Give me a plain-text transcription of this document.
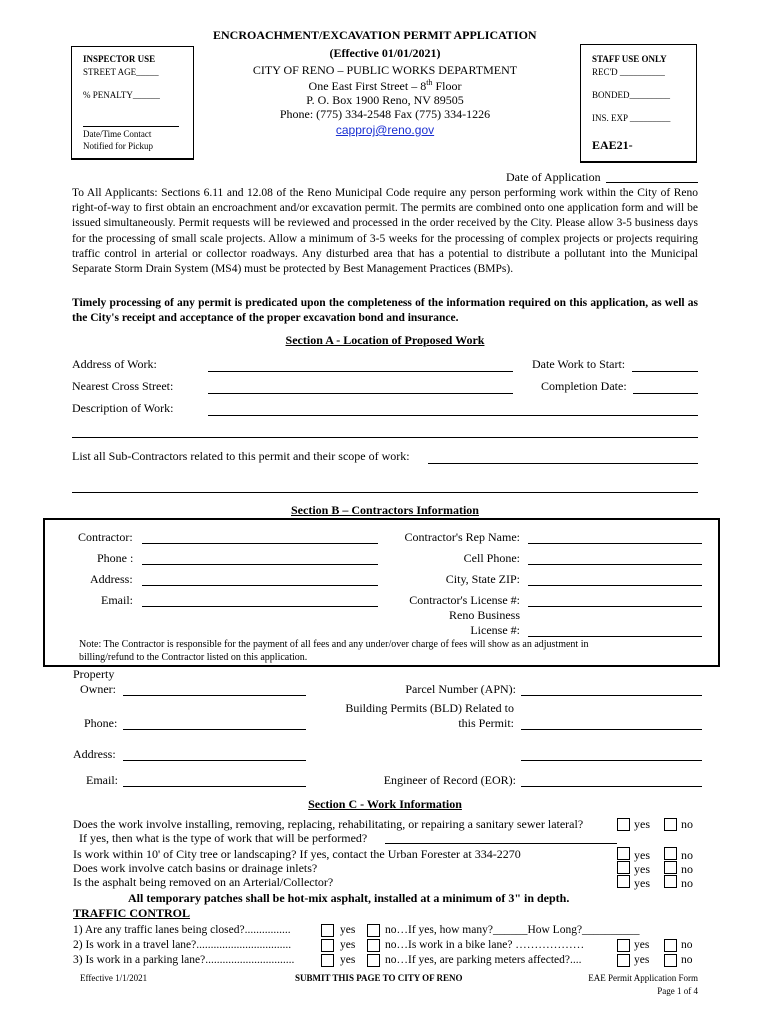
ENCROACHMENT/EXCAVATION PERMIT APPLICATION
(Effective 01/01/2021)
CITY OF RENO – PUBLIC WORKS DEPARTMENT
One East First Street – 8th Floor
P. O. Box 1900 Reno, NV 89505
Phone: (775) 334-2548 Fax (775) 334-1226
capproj@reno.gov
INSPECTOR USE
STREET AGE_____
% PENALTY______
Date/Time Contact
Notified for Pickup
STAFF USE ONLY
REC'D __________
BONDED_________
INS. EXP _________
EAE21-
Date of Application
To All Applicants: Sections 6.11 and 12.08 of the Reno Municipal Code require any person performing work within the City of Reno right-of-way to first obtain an encroachment and/or excavation permit. The permits are combined onto one application form and will be issued simultaneously. Permit requests will be reviewed and processed in the order received by the City. Please allow 3-5 business days for the processing of small scale projects. Allow a minimum of 3-5 weeks for the processing of complex projects or projects requiring traffic control in arterial or collector roadways. Any disturbed area that has a potential to distribute a pollutant into the Municipal Separate Storm Drain System (MS4) must be protected by Best Management Practices (BMPs).
Timely processing of any permit is predicated upon the completeness of the information required on this application, as well as the City's receipt and acceptance of the proper excavation bond and insurance.
Section A - Location of Proposed Work
Address of Work:	Date Work to Start:
Nearest Cross Street:	Completion Date:
Description of Work:
List all Sub-Contractors related to this permit and their scope of work:
Section B – Contractors Information
Contractor:	Contractor's Rep Name:
Phone :	Cell Phone:
Address:	City, State ZIP:
Email:	Contractor's License #:
Reno Business
License #:
Note: The Contractor is responsible for the payment of all fees and any under/over charge of fees will show as an adjustment in
billing/refund to the Contractor listed on this application.
Property
Owner:	Parcel Number (APN):
Building Permits (BLD) Related to
this Permit:
Phone:
Address:
Email:	Engineer of Record (EOR):
Section C - Work Information
Does the work involve installing, removing, replacing, rehabilitating, or repairing a sanitary sewer lateral?	yes	no
If yes, then what is the type of work that will be performed?
Is work within 10' of City tree or landscaping? If yes, contact the Urban Forester at 334-2270	yes	no
Does work involve catch basins or drainage inlets?	yes	no
Is the asphalt being removed on an Arterial/Collector?	yes	no
All temporary patches shall be hot-mix asphalt, installed at a minimum of 3" in depth.
TRAFFIC CONTROL
1) Are any traffic lanes being closed?................	yes	no…If yes, how many?______How Long?__________
2) Is work in a travel lane?.................................	yes	no…Is work in a bike lane? ………………	yes	no
3) Is work in a parking lane?...............................	yes	no…If yes, are parking meters affected?....	yes	no
Effective 1/1/2021	SUBMIT THIS PAGE TO CITY OF RENO	EAE Permit Application Form
Page 1 of 4
